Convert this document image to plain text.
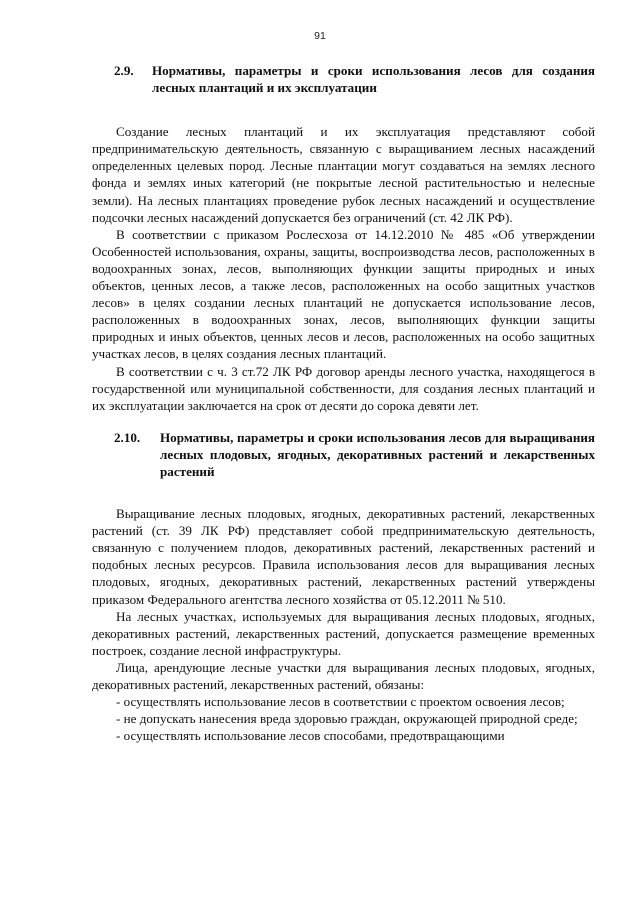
91
2.9.	Нормативы, параметры и сроки использования лесов для создания лесных плантаций и их эксплуатации

Создание лесных плантаций и их эксплуатация представляют собой предпринимательскую деятельность, связанную с выращиванием лесных насаждений определенных целевых пород. Лесные плантации могут создаваться на землях лесного фонда и землях иных категорий (не покрытые лесной растительностью и нелесные земли). На лесных плантациях проведение рубок лесных насаждений и осуществление подсочки лесных насаждений допускается без ограничений (ст. 42 ЛК РФ).

В соответствии с приказом Рослесхоза от 14.12.2010 № 485 «Об утверждении Особенностей использования, охраны, защиты, воспроизводства лесов, расположенных в водоохранных зонах, лесов, выполняющих функции защиты природных и иных объектов, ценных лесов, а также лесов, расположенных на особо защитных участков лесов» в целях создании лесных плантаций не допускается использование лесов, расположенных в водоохранных зонах, лесов, выполняющих функции защиты природных и иных объектов, ценных лесов и лесов, расположенных на особо защитных участках лесов, в целях создания лесных плантаций.

В соответствии с ч. 3 ст.72 ЛК РФ договор аренды лесного участка, находящегося в государственной или муниципальной собственности, для создания лесных плантаций и их эксплуатации заключается на срок от десяти до сорока девяти лет.

2.10.	Нормативы, параметры и сроки использования лесов для выращивания лесных плодовых, ягодных, декоративных растений и лекарственных растений

Выращивание лесных плодовых, ягодных, декоративных растений, лекарственных растений (ст. 39 ЛК РФ) представляет собой предпринимательскую деятельность, связанную с получением плодов, декоративных растений, лекарственных растений и подобных лесных ресурсов. Правила использования лесов для выращивания лесных плодовых, ягодных, декоративных растений, лекарственных растений утверждены приказом Федерального агентства лесного хозяйства от 05.12.2011 № 510.

На лесных участках, используемых для выращивания лесных плодовых, ягодных, декоративных растений, лекарственных растений, допускается размещение временных построек, создание лесной инфраструктуры.

Лица, арендующие лесные участки для выращивания лесных плодовых, ягодных, декоративных растений, лекарственных растений, обязаны:

- осуществлять использование лесов в соответствии с проектом освоения лесов;

- не допускать нанесения вреда здоровью граждан, окружающей природной среде;

- осуществлять использование лесов способами, предотвращающими
